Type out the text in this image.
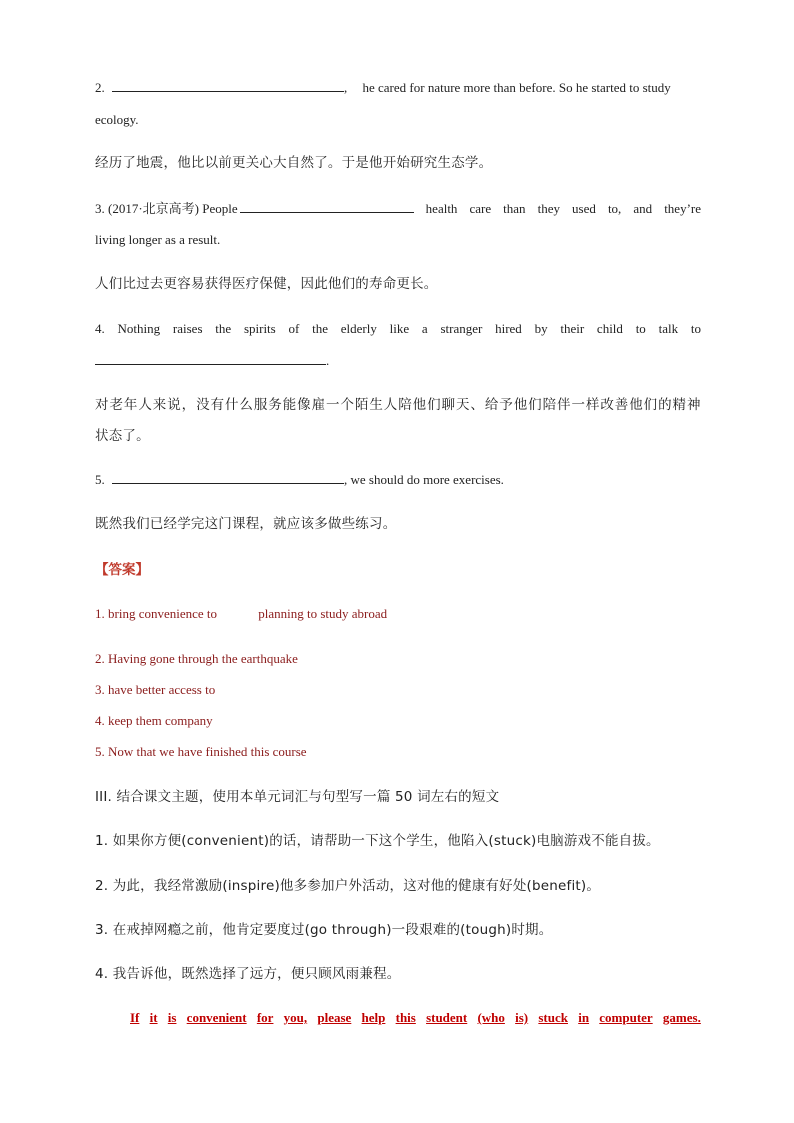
2.	, he cared for nature more than before. So he started to study
ecology.
经历了地震，他比以前更关心大自然了。于是他开始研究生态学。
3. (2017·北京高考) People	health care than they used to, and they’re
living longer as a result.
人们比过去更容易获得医疗保健，因此他们的寿命更长。
4. Nothing raises the spirits of the elderly like a stranger hired by their child to talk to
.
对 老 年 人 来 说 ， 没 有 什 么 服 务 能 像 雇 一 个 陌 生 人 陪 他 们 聊 天 、 给 予 他 们 陪 伴 一 样 改 善 他 们 的 精 神
状态了。
5.	, we should do more exercises.
既然我们已经学完这门课程，就应该多做些练习。
【答案】
1. bring convenience to	planning to study abroad
2. Having gone through the earthquake
3. have better access to
4. keep them company
5. Now that we have finished this course
III. 结合课文主题，使用本单元词汇与句型写一篇 50 词左右的短文
1. 如果你方便(convenient)的话，请帮助一下这个学生，他陷入(stuck)电脑游戏不能自拔。
2. 为此，我经常激励(inspire)他多参加户外活动，这对他的健康有好处(benefit)。
3. 在戒掉网瘾之前，他肯定要度过(go through)一段艰难的(tough)时期。
4. 我告诉他，既然选择了远方，便只顾风雨兼程。
If it is convenient for you, please help this student (who is) stuck in computer games.
